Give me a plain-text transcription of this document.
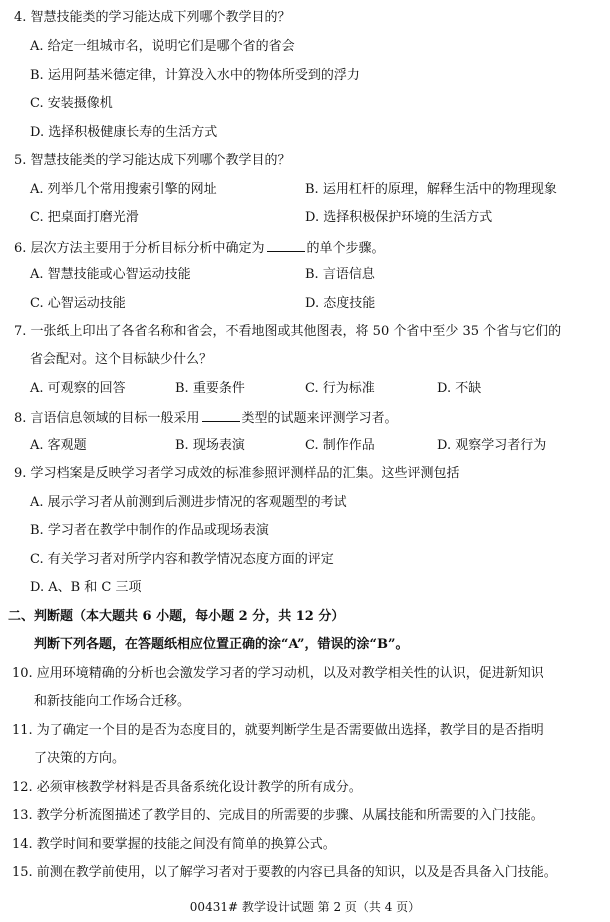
4. 智慧技能类的学习能达成下列哪个教学目的？
A. 给定一组城市名，说明它们是哪个省的省会
B. 运用阿基米德定律，计算没入水中的物体所受到的浮力
C. 安装摄像机
D. 选择积极健康长寿的生活方式
5. 智慧技能类的学习能达成下列哪个教学目的？
A. 列举几个常用搜索引擎的网址	B. 运用杠杆的原理，解释生活中的物理现象
C. 把桌面打磨光滑	D. 选择积极保护环境的生活方式
6. 层次方法主要用于分析目标分析中确定为	的单个步骤。
A. 智慧技能或心智运动技能	B. 言语信息
C. 心智运动技能	D. 态度技能
7. 一张纸上印出了各省名称和省会，不看地图或其他图表，将 50 个省中至少 35 个省与它们的
省会配对。这个目标缺少什么？
A. 可观察的回答	B. 重要条件	C. 行为标准	D. 不缺
8. 言语信息领域的目标一般采用	类型的试题来评测学习者。
A. 客观题	B. 现场表演	C. 制作作品	D. 观察学习者行为
9. 学习档案是反映学习者学习成效的标准参照评测样品的汇集。这些评测包括
A. 展示学习者从前测到后测进步情况的客观题型的考试
B. 学习者在教学中制作的作品或现场表演
C. 有关学习者对所学内容和教学情况态度方面的评定
D. A、B 和 C 三项
二、判断题（本大题共 6 小题，每小题 2 分，共 12 分）
判断下列各题，在答题纸相应位置正确的涂“A”，错误的涂“B”。
10. 应用环境精确的分析也会激发学习者的学习动机，以及对教学相关性的认识，促进新知识
和新技能向工作场合迁移。
11. 为了确定一个目的是否为态度目的，就要判断学生是否需要做出选择，教学目的是否指明
了决策的方向。
12. 必须审核教学材料是否具备系统化设计教学的所有成分。
13. 教学分析流图描述了教学目的、完成目的所需要的步骤、从属技能和所需要的入门技能。
14. 教学时间和要掌握的技能之间没有简单的换算公式。
15. 前测在教学前使用，以了解学习者对于要教的内容已具备的知识，以及是否具备入门技能。
00431# 教学设计试题 第 2 页（共 4 页）
